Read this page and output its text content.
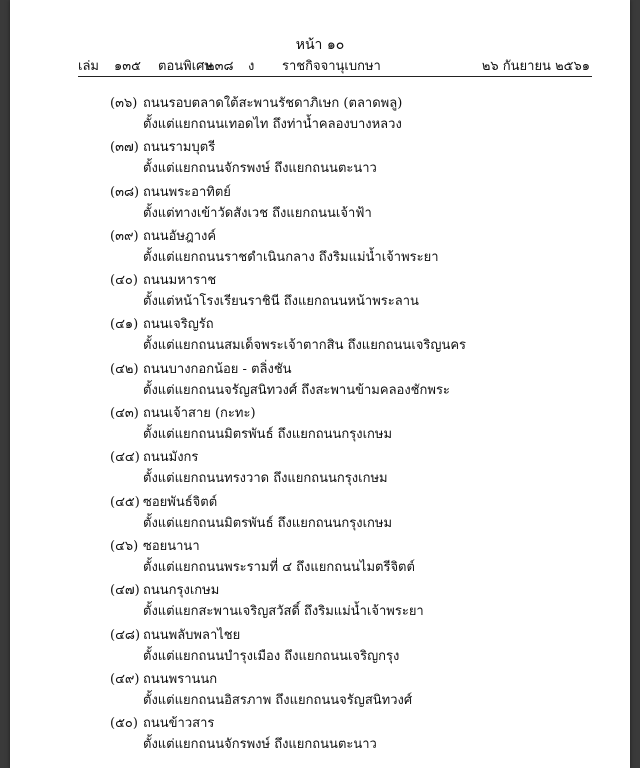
หน้า ๑๐
เล่ม ๑๓๕ ตอนพิเศษ
๒๓๘ ง ราชกิจจานุเบกษา	๒๖ กันยายน ๒๕๖๑
(๓๖) ถนนรอบตลาดใต้สะพานรัชดาภิเษก (ตลาดพลู)
ตั้งแต่แยกถนนเทอดไท ถึงท่าน้ำคลองบางหลวง
(๓๗) ถนนรามบุตรี
ตั้งแต่แยกถนนจักรพงษ์ ถึงแยกถนนตะนาว
(๓๘) ถนนพระอาทิตย์
ตั้งแต่ทางเข้าวัดสังเวช ถึงแยกถนนเจ้าฟ้า
(๓๙) ถนนอัษฎางค์
ตั้งแต่แยกถนนราชดำเนินกลาง ถึงริมแม่น้ำเจ้าพระยา
(๔๐) ถนนมหาราช
ตั้งแต่หน้าโรงเรียนราชินี ถึงแยกถนนหน้าพระลาน
(๔๑) ถนนเจริญรัถ
ตั้งแต่แยกถนนสมเด็จพระเจ้าตากสิน ถึงแยกถนนเจริญนคร
(๔๒) ถนนบางกอกน้อย - ตลิ่งชัน
ตั้งแต่แยกถนนจรัญสนิทวงศ์ ถึงสะพานข้ามคลองชักพระ
(๔๓) ถนนเจ้าสาย (กะทะ)
ตั้งแต่แยกถนนมิตรพันธ์ ถึงแยกถนนกรุงเกษม
(๔๔) ถนนมังกร
ตั้งแต่แยกถนนทรงวาด ถึงแยกถนนกรุงเกษม
(๔๕) ซอยพันธ์จิตต์
ตั้งแต่แยกถนนมิตรพันธ์ ถึงแยกถนนกรุงเกษม
(๔๖) ซอยนานา
ตั้งแต่แยกถนนพระรามที่ ๔ ถึงแยกถนนไมตรีจิตต์
(๔๗) ถนนกรุงเกษม
ตั้งแต่แยกสะพานเจริญสวัสดิ์ ถึงริมแม่น้ำเจ้าพระยา
(๔๘) ถนนพลับพลาไชย
ตั้งแต่แยกถนนบำรุงเมือง ถึงแยกถนนเจริญกรุง
(๔๙) ถนนพรานนก
ตั้งแต่แยกถนนอิสรภาพ ถึงแยกถนนจรัญสนิทวงศ์
(๕๐) ถนนข้าวสาร
ตั้งแต่แยกถนนจักรพงษ์ ถึงแยกถนนตะนาว
